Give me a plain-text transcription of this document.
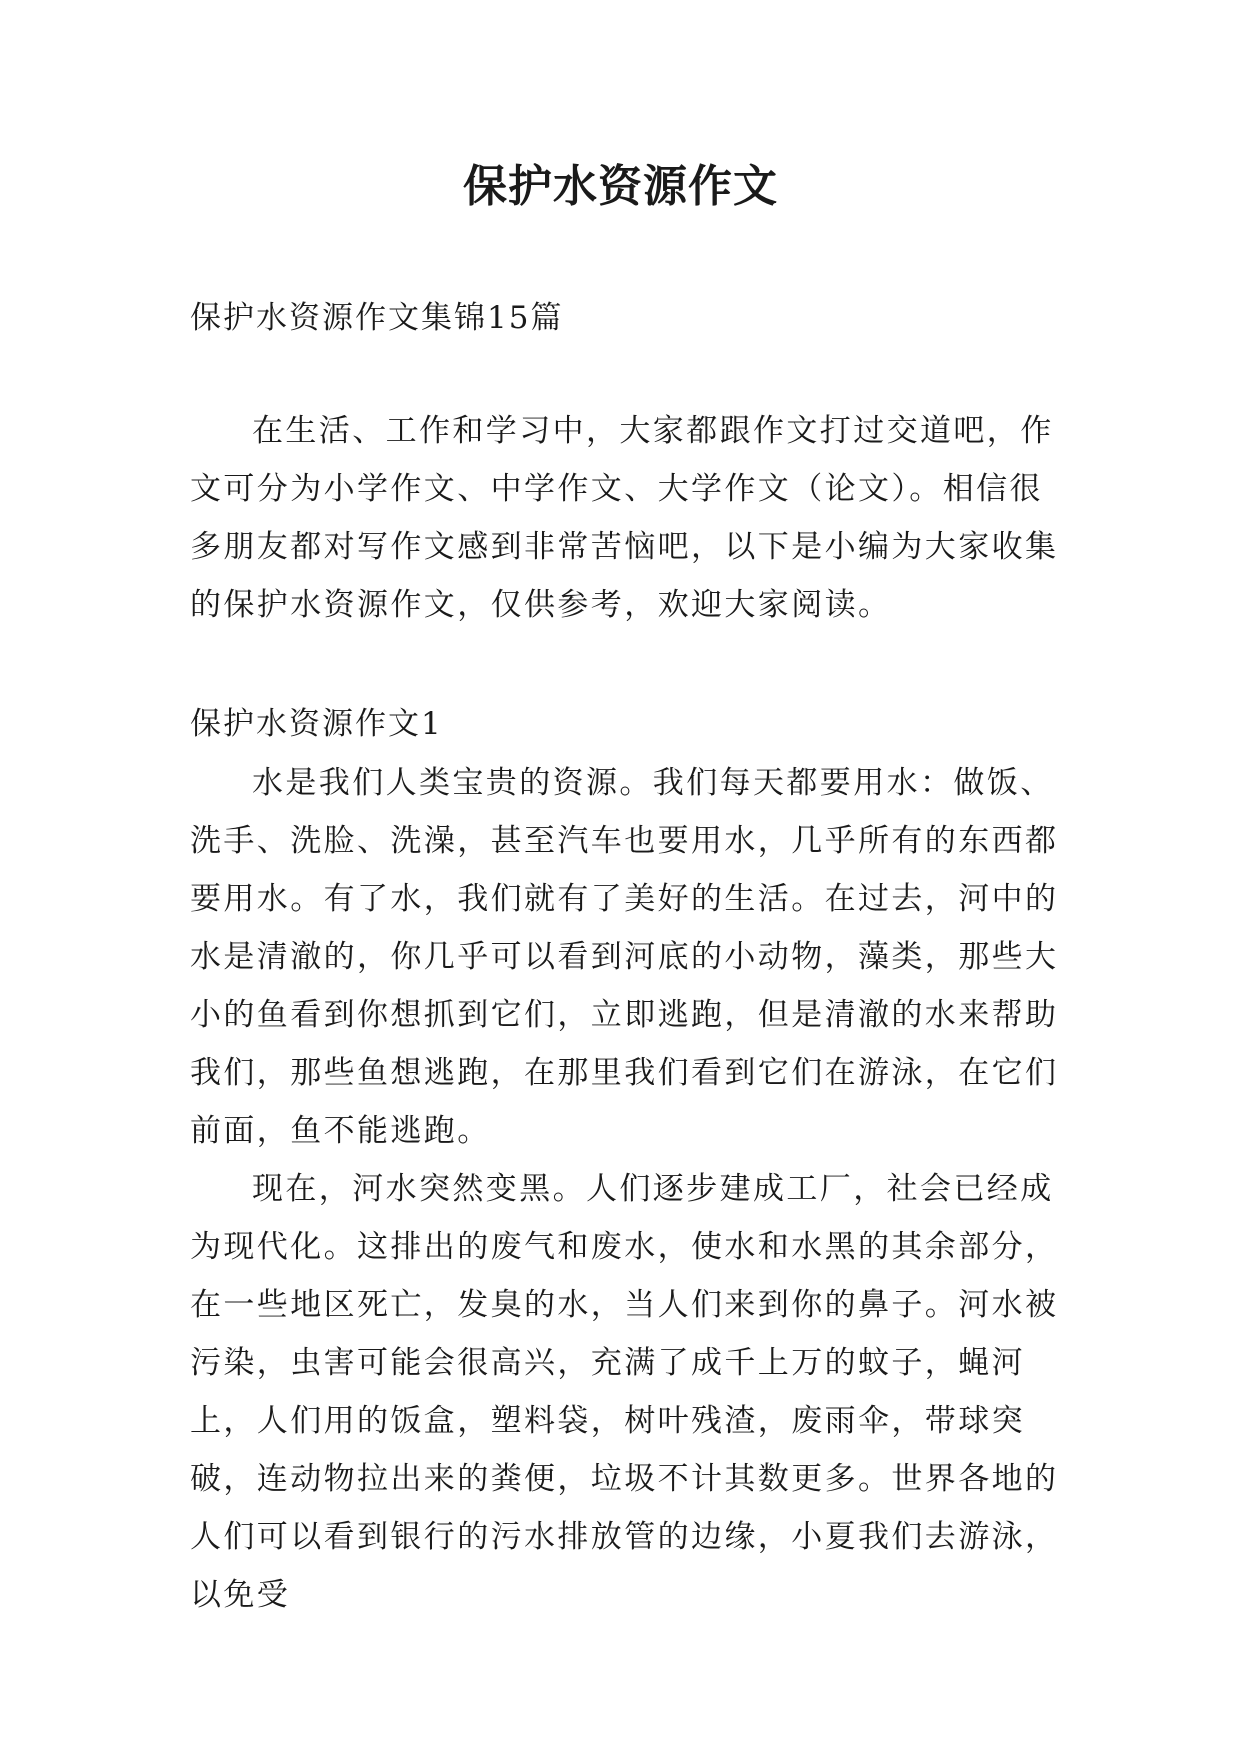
保护水资源作文

保护水资源作文集锦15篇

在生活、工作和学习中，大家都跟作文打过交道吧，作文可分为小学作文、中学作文、大学作文（论文）。相信很多朋友都对写作文感到非常苦恼吧，以下是小编为大家收集的保护水资源作文，仅供参考，欢迎大家阅读。

保护水资源作文1

水是我们人类宝贵的资源。我们每天都要用水：做饭、洗手、洗脸、洗澡，甚至汽车也要用水，几乎所有的东西都要用水。有了水，我们就有了美好的生活。在过去，河中的水是清澈的，你几乎可以看到河底的小动物，藻类，那些大小的鱼看到你想抓到它们，立即逃跑，但是清澈的水来帮助我们，那些鱼想逃跑，在那里我们看到它们在游泳，在它们前面，鱼不能逃跑。

现在，河水突然变黑。人们逐步建成工厂，社会已经成为现代化。这排出的废气和废水，使水和水黑的其余部分，在一些地区死亡，发臭的水，当人们来到你的鼻子。河水被污染，虫害可能会很高兴，充满了成千上万的蚊子，蝇河上，人们用的饭盒，塑料袋，树叶残渣，废雨伞，带球突破，连动物拉出来的粪便，垃圾不计其数更多。世界各地的人们可以看到银行的污水排放管的边缘，小夏我们去游泳，以免受
